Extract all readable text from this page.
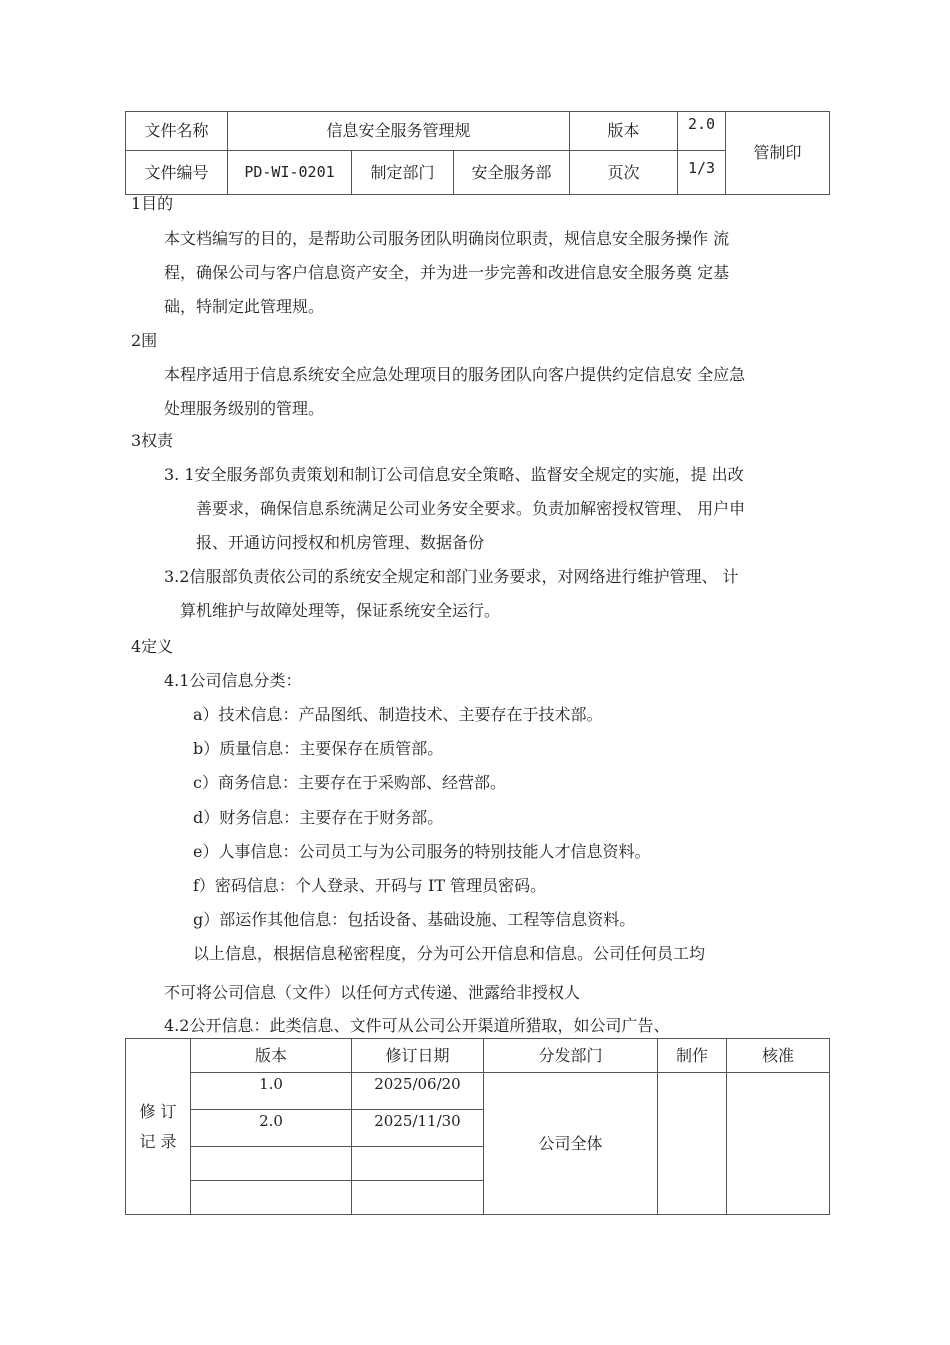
文件名称	信息安全服务管理规			版本	2.0	管制印
文件编号	PD-WI-0201	制定部门	安全服务部	页次	1/3	
1目的
本文档编写的目的，是帮助公司服务团队明确岗位职责，规信息安全服务操作 流
程，确保公司与客户信息资产安全，并为进一步完善和改进信息安全服务奠 定基
础，特制定此管理规。
2围
本程序适用于信息系统安全应急处理项目的服务团队向客户提供约定信息安 全应急
处理服务级别的管理。
3权责
3. 1安全服务部负责策划和制订公司信息安全策略、监督安全规定的实施，提 出改
善要求，确保信息系统满足公司业务安全要求。负责加解密授权管理、 用户申
报、开通访问授权和机房管理、数据备份
3.2信服部负责依公司的系统安全规定和部门业务要求，对网络进行维护管理、 计
算机维护与故障处理等，保证系统安全运行。
4定义
4.1公司信息分类：
a）技术信息：产品图纸、制造技术、主要存在于技术部。
b）质量信息：主要保存在质管部。
c）商务信息：主要存在于采购部、经营部。
d）财务信息：主要存在于财务部。
e）人事信息：公司员工与为公司服务的特别技能人才信息资料。
f）密码信息：个人登录、开码与 IT 管理员密码。
g）部运作其他信息：包括设备、基础设施、工程等信息资料。
以上信息，根据信息秘密程度，分为可公开信息和信息。公司任何员工均
不可将公司信息（文件）以任何方式传递、泄露给非授权人
4.2公开信息：此类信息、文件可从公司公开渠道所猎取，如公司广告、
修 订
记 录	版本	修订日期	分发部门	制作	核准
	1.0	2025/06/20	公司全体		
	2.0	2025/11/30			
